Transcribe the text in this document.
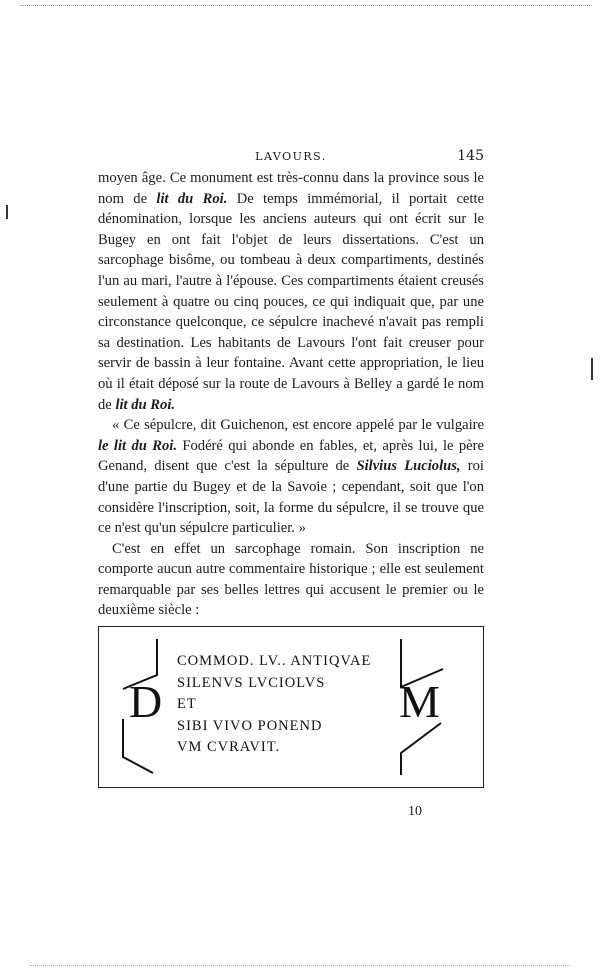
LAVOURS.	145

moyen âge. Ce monument est très-connu dans la province sous le nom de lit du Roi. De temps immémorial, il portait cette dénomination, lorsque les anciens auteurs qui ont écrit sur le Bugey en ont fait l'objet de leurs dissertations. C'est un sarcophage bisôme, ou tombeau à deux compartiments, destinés l'un au mari, l'autre à l'épouse. Ces compartiments étaient creusés seulement à quatre ou cinq pouces, ce qui indiquait que, par une circonstance quelconque, ce sépulcre inachevé n'avait pas rempli sa destination. Les habitants de Lavours l'ont fait creuser pour servir de bassin à leur fontaine. Avant cette appropriation, le lieu où il était déposé sur la route de Lavours à Belley a gardé le nom de lit du Roi.

« Ce sépulcre, dit Guichenon, est encore appelé par le vulgaire le lit du Roi. Fodéré qui abonde en fables, et, après lui, le père Genand, disent que c'est la sépulture de Silvius Luciolus, roi d'une partie du Bugey et de la Savoie ; cependant, soit que l'on considère l'inscription, soit, la forme du sépulcre, il se trouve que ce n'est qu'un sépulcre particulier. »

C'est en effet un sarcophage romain. Son inscription ne comporte aucun autre commentaire historique ; elle est seulement remarquable par ses belles lettres qui accusent le premier ou le deuxième siècle :

D
COMMOD. LV.. ANTIQVAE
SILENVS LVCIOLVS
ET
SIBI VIVO PONEND
VM CVRAVIT.
M
10
